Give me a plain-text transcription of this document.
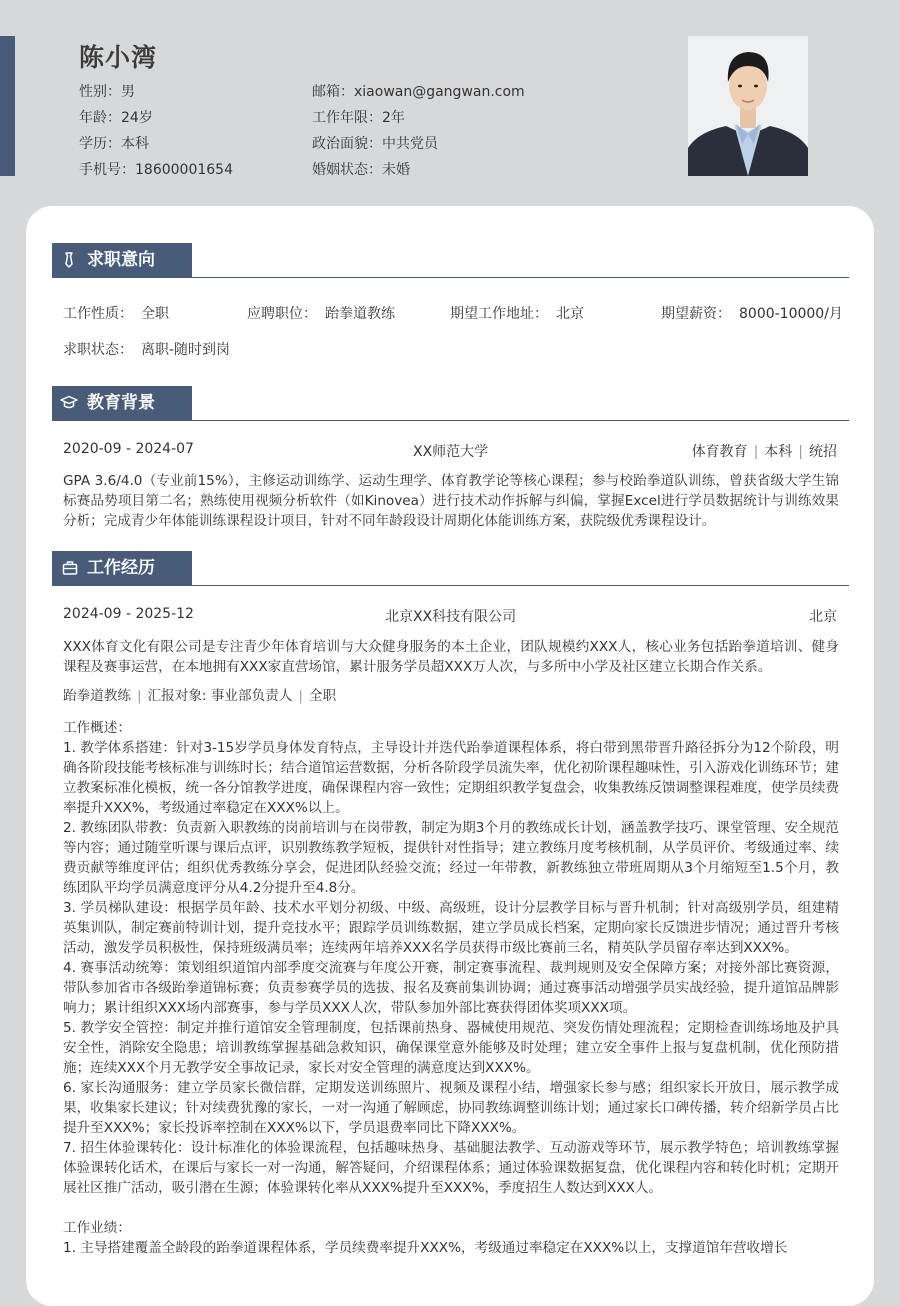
陈小湾
性别：男
年龄：24岁
学历：本科
手机号：18600001654
邮箱：xiaowan@gangwan.com
工作年限：2年
政治面貌：中共党员
婚姻状态：未婚
求职意向
工作性质： 全职	应聘职位： 跆拳道教练	期望工作地址： 北京	期望薪资： 8000-10000/月
求职状态： 离职-随时到岗
教育背景
2020-09 - 2024-07	XX师范大学	体育教育 | 本科 | 统招
GPA 3.6/4.0（专业前15%），主修运动训练学、运动生理学、体育教学论等核心课程；参与校跆拳道队训练，曾获省级大学生锦标赛品势项目第二名；熟练使用视频分析软件（如Kinovea）进行技术动作拆解与纠偏，掌握Excel进行学员数据统计与训练效果分析；完成青少年体能训练课程设计项目，针对不同年龄段设计周期化体能训练方案，获院级优秀课程设计。
工作经历
2024-09 - 2025-12	北京XX科技有限公司	北京
XXX体育文化有限公司是专注青少年体育培训与大众健身服务的本土企业，团队规模约XXX人，核心业务包括跆拳道培训、健身课程及赛事运营，在本地拥有XXX家直营场馆，累计服务学员超XXX万人次，与多所中小学及社区建立长期合作关系。
跆拳道教练 | 汇报对象: 事业部负责人 | 全职
工作概述：
1. 教学体系搭建：针对3-15岁学员身体发育特点，主导设计并迭代跆拳道课程体系，将白带到黑带晋升路径拆分为12个阶段，明确各阶段技能考核标准与训练时长；结合道馆运营数据，分析各阶段学员流失率，优化初阶课程趣味性，引入游戏化训练环节；建立教案标准化模板，统一各分馆教学进度，确保课程内容一致性；定期组织教学复盘会，收集教练反馈调整课程难度，使学员续费率提升XXX%，考级通过率稳定在XXX%以上。
2. 教练团队带教：负责新入职教练的岗前培训与在岗带教，制定为期3个月的教练成长计划，涵盖教学技巧、课堂管理、安全规范等内容；通过随堂听课与课后点评，识别教练教学短板，提供针对性指导；建立教练月度考核机制，从学员评价、考级通过率、续费贡献等维度评估；组织优秀教练分享会，促进团队经验交流；经过一年带教，新教练独立带班周期从3个月缩短至1.5个月，教练团队平均学员满意度评分从4.2分提升至4.8分。
3. 学员梯队建设：根据学员年龄、技术水平划分初级、中级、高级班，设计分层教学目标与晋升机制；针对高级别学员，组建精英集训队，制定赛前特训计划，提升竞技水平；跟踪学员训练数据，建立学员成长档案，定期向家长反馈进步情况；通过晋升考核活动，激发学员积极性，保持班级满员率；连续两年培养XXX名学员获得市级比赛前三名，精英队学员留存率达到XXX%。
4. 赛事活动统筹：策划组织道馆内部季度交流赛与年度公开赛，制定赛事流程、裁判规则及安全保障方案；对接外部比赛资源，带队参加省市各级跆拳道锦标赛；负责参赛学员的选拔、报名及赛前集训协调；通过赛事活动增强学员实战经验，提升道馆品牌影响力；累计组织XXX场内部赛事，参与学员XXX人次，带队参加外部比赛获得团体奖项XXX项。
5. 教学安全管控：制定并推行道馆安全管理制度，包括课前热身、器械使用规范、突发伤情处理流程；定期检查训练场地及护具安全性，消除安全隐患；培训教练掌握基础急救知识，确保课堂意外能够及时处理；建立安全事件上报与复盘机制，优化预防措施；连续XXX个月无教学安全事故记录，家长对安全管理的满意度达到XXX%。
6. 家长沟通服务：建立学员家长微信群，定期发送训练照片、视频及课程小结，增强家长参与感；组织家长开放日，展示教学成果，收集家长建议；针对续费犹豫的家长，一对一沟通了解顾虑，协同教练调整训练计划；通过家长口碑传播，转介绍新学员占比提升至XXX%；家长投诉率控制在XXX%以下，学员退费率同比下降XXX%。
7. 招生体验课转化：设计标准化的体验课流程，包括趣味热身、基础腿法教学、互动游戏等环节，展示教学特色；培训教练掌握体验课转化话术，在课后与家长一对一沟通，解答疑问，介绍课程体系；通过体验课数据复盘，优化课程内容和转化时机；定期开展社区推广活动，吸引潜在生源；体验课转化率从XXX%提升至XXX%，季度招生人数达到XXX人。
工作业绩：
1. 主导搭建覆盖全龄段的跆拳道课程体系，学员续费率提升XXX%，考级通过率稳定在XXX%以上，支撑道馆年营收增长
